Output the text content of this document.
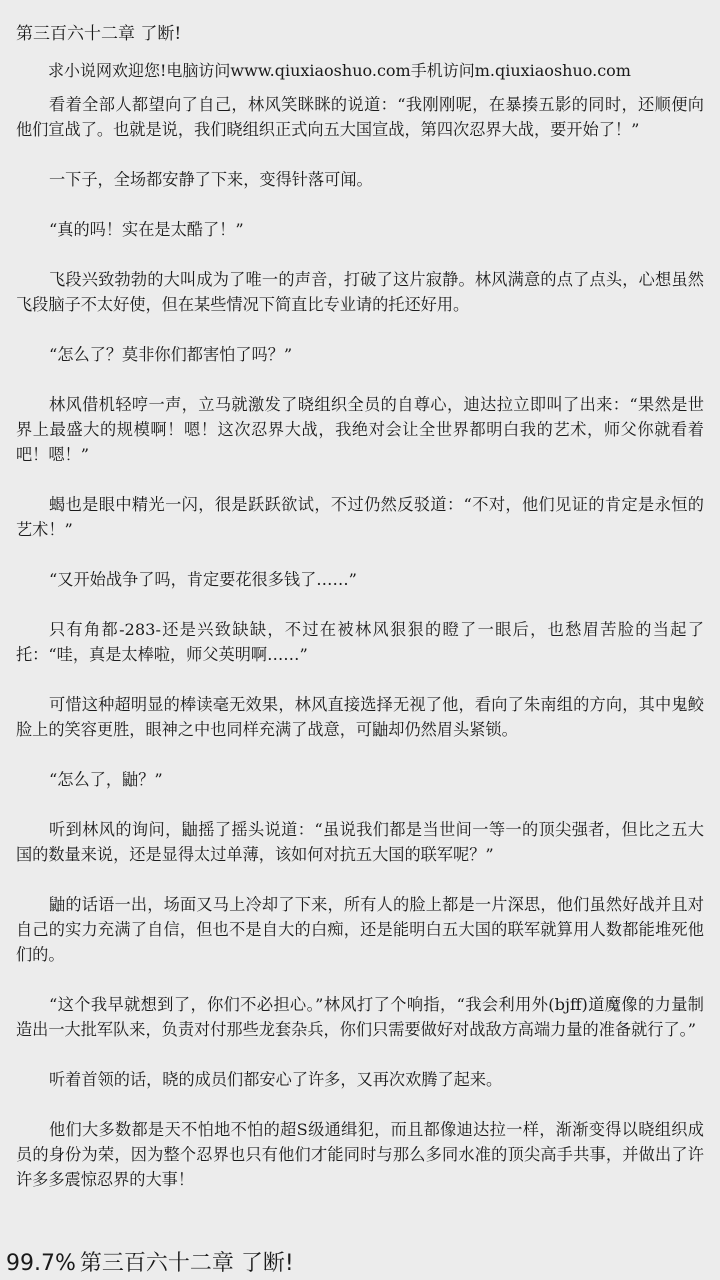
第三百六十二章 了断!
求小说网欢迎您!电脑访问www.qiuxiaoshuo.com手机访问m.qiuxiaoshuo.com
看着全部人都望向了自己，林风笑眯眯的说道：“我刚刚呢，在暴揍五影的同时，还顺便向他们宣战了。也就是说，我们晓组织正式向五大国宣战，第四次忍界大战，要开始了！”
一下子，全场都安静了下来，变得针落可闻。
“真的吗！实在是太酷了！”
飞段兴致勃勃的大叫成为了唯一的声音，打破了这片寂静。林风满意的点了点头，心想虽然飞段脑子不太好使，但在某些情况下简直比专业请的托还好用。
“怎么了？莫非你们都害怕了吗？”
林风借机轻哼一声，立马就激发了晓组织全员的自尊心，迪达拉立即叫了出来：“果然是世界上最盛大的规模啊！嗯！这次忍界大战，我绝对会让全世界都明白我的艺术，师父你就看着吧！嗯！”
蝎也是眼中精光一闪，很是跃跃欲试，不过仍然反驳道：“不对，他们见证的肯定是永恒的艺术！”
“又开始战争了吗，肯定要花很多钱了……”
只有角都-283-还是兴致缺缺，不过在被林风狠狠的瞪了一眼后，也愁眉苦脸的当起了托：“哇，真是太棒啦，师父英明啊……”
可惜这种超明显的棒读毫无效果，林风直接选择无视了他，看向了朱南组的方向，其中鬼鲛脸上的笑容更胜，眼神之中也同样充满了战意，可鼬却仍然眉头紧锁。
“怎么了，鼬？”
听到林风的询问，鼬摇了摇头说道：“虽说我们都是当世间一等一的顶尖强者，但比之五大国的数量来说，还是显得太过单薄，该如何对抗五大国的联军呢？”
鼬的话语一出，场面又马上冷却了下来，所有人的脸上都是一片深思，他们虽然好战并且对自己的实力充满了自信，但也不是自大的白痴，还是能明白五大国的联军就算用人数都能堆死他们的。
“这个我早就想到了，你们不必担心。”林风打了个响指，“我会利用外(bjff)道魔像的力量制造出一大批军队来，负责对付那些龙套杂兵，你们只需要做好对战敌方高端力量的准备就行了。”
听着首领的话，晓的成员们都安心了许多，又再次欢腾了起来。
他们大多数都是天不怕地不怕的超S级通缉犯，而且都像迪达拉一样，渐渐变得以晓组织成员的身份为荣，因为整个忍界也只有他们才能同时与那么多同水准的顶尖高手共事，并做出了许许多多震惊忍界的大事！
99.7% 第三百六十二章 了断!
